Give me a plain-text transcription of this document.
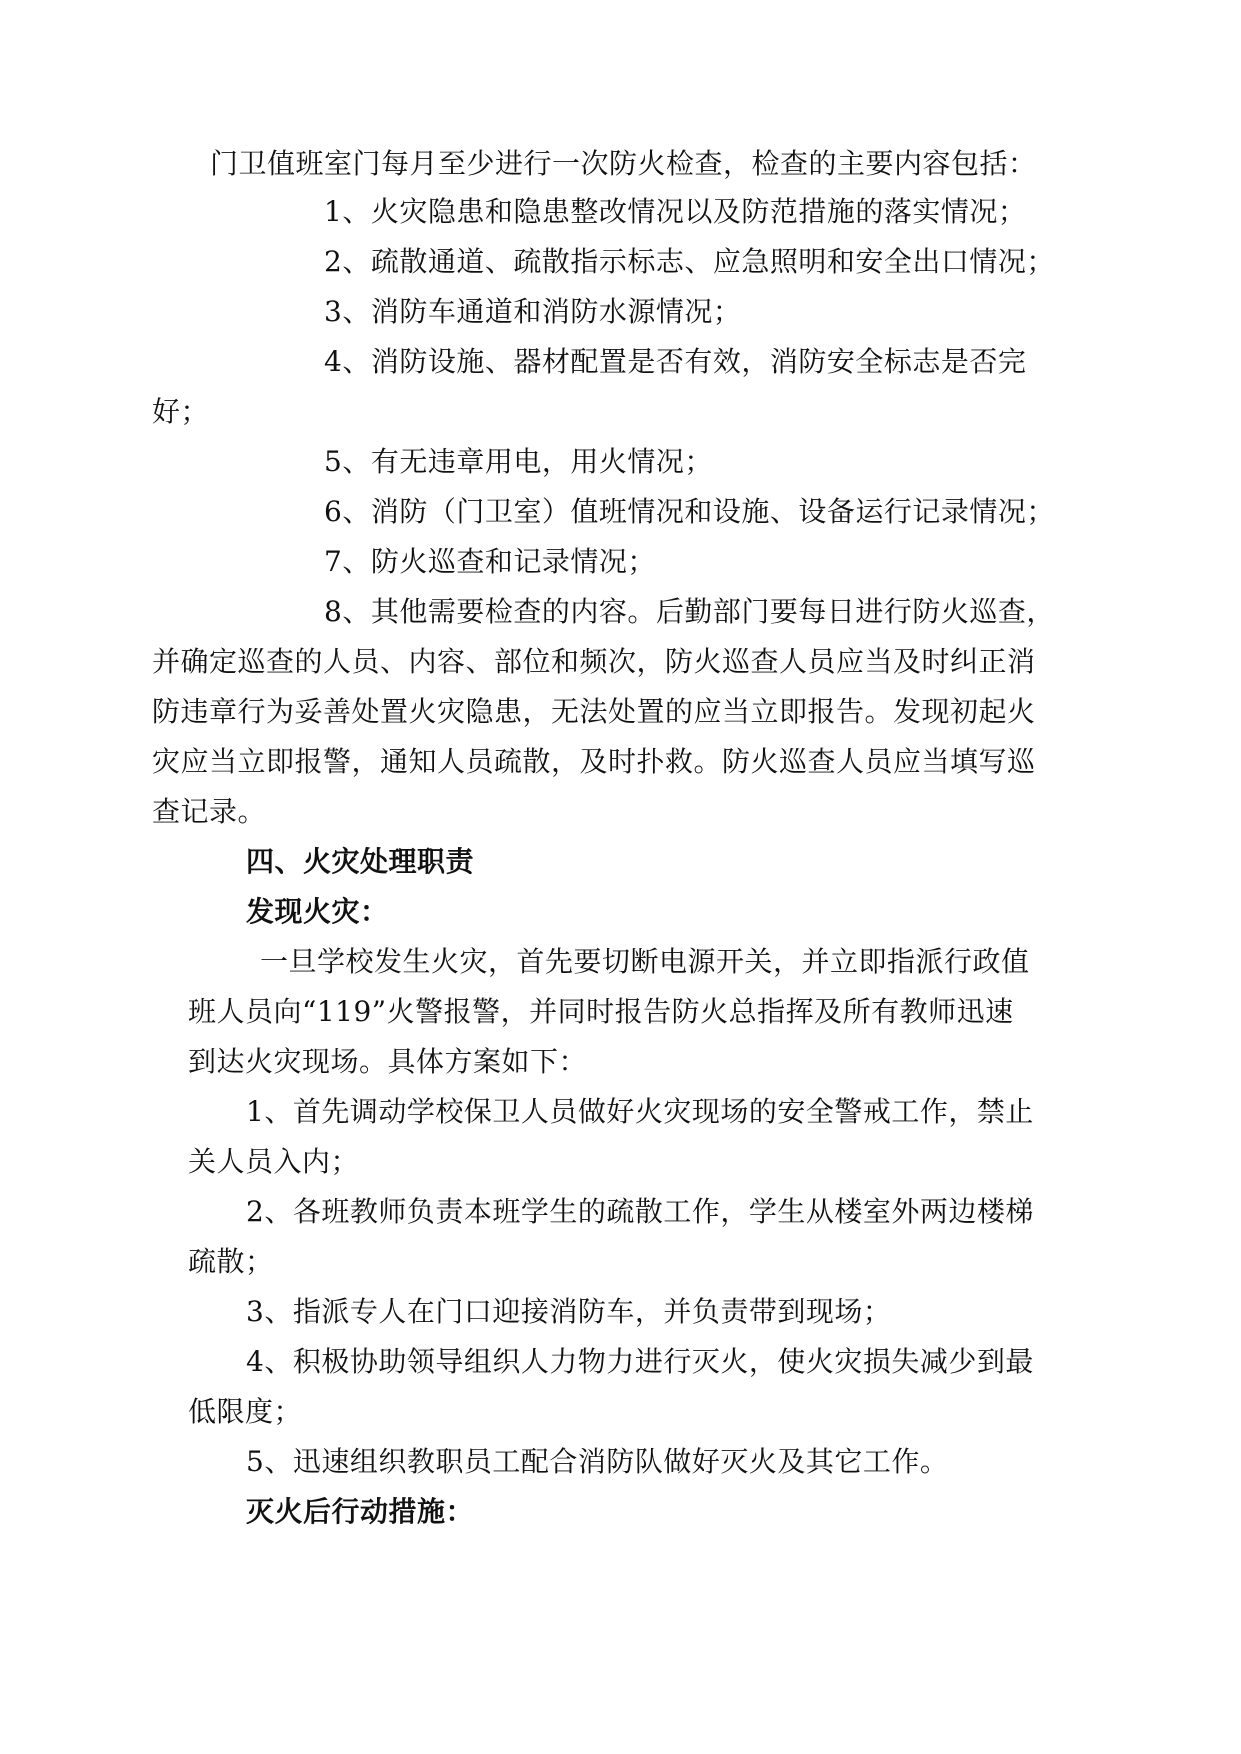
门卫值班室门每月至少进行一次防火检查，检查的主要内容包括：
1、火灾隐患和隐患整改情况以及防范措施的落实情况；
2、疏散通道、疏散指示标志、应急照明和安全出口情况；
3、消防车通道和消防水源情况；
4、消防设施、器材配置是否有效，消防安全标志是否完
好；
5、有无违章用电，用火情况；
6、消防（门卫室）值班情况和设施、设备运行记录情况；
7、防火巡查和记录情况；
8、其他需要检查的内容。后勤部门要每日进行防火巡查，
并确定巡查的人员、内容、部位和频次，防火巡查人员应当及时纠正消
防违章行为妥善处置火灾隐患，无法处置的应当立即报告。发现初起火
灾应当立即报警，通知人员疏散，及时扑救。防火巡查人员应当填写巡
查记录。
四、火灾处理职责
发现火灾：
一旦学校发生火灾，首先要切断电源开关，并立即指派行政值
班人员向“119”火警报警，并同时报告防火总指挥及所有教师迅速
到达火灾现场。具体方案如下：
1、首先调动学校保卫人员做好火灾现场的安全警戒工作，禁止
关人员入内；
2、各班教师负责本班学生的疏散工作，学生从楼室外两边楼梯
疏散；
3、指派专人在门口迎接消防车，并负责带到现场；
4、积极协助领导组织人力物力进行灭火，使火灾损失减少到最
低限度；
5、迅速组织教职员工配合消防队做好灭火及其它工作。
灭火后行动措施：
